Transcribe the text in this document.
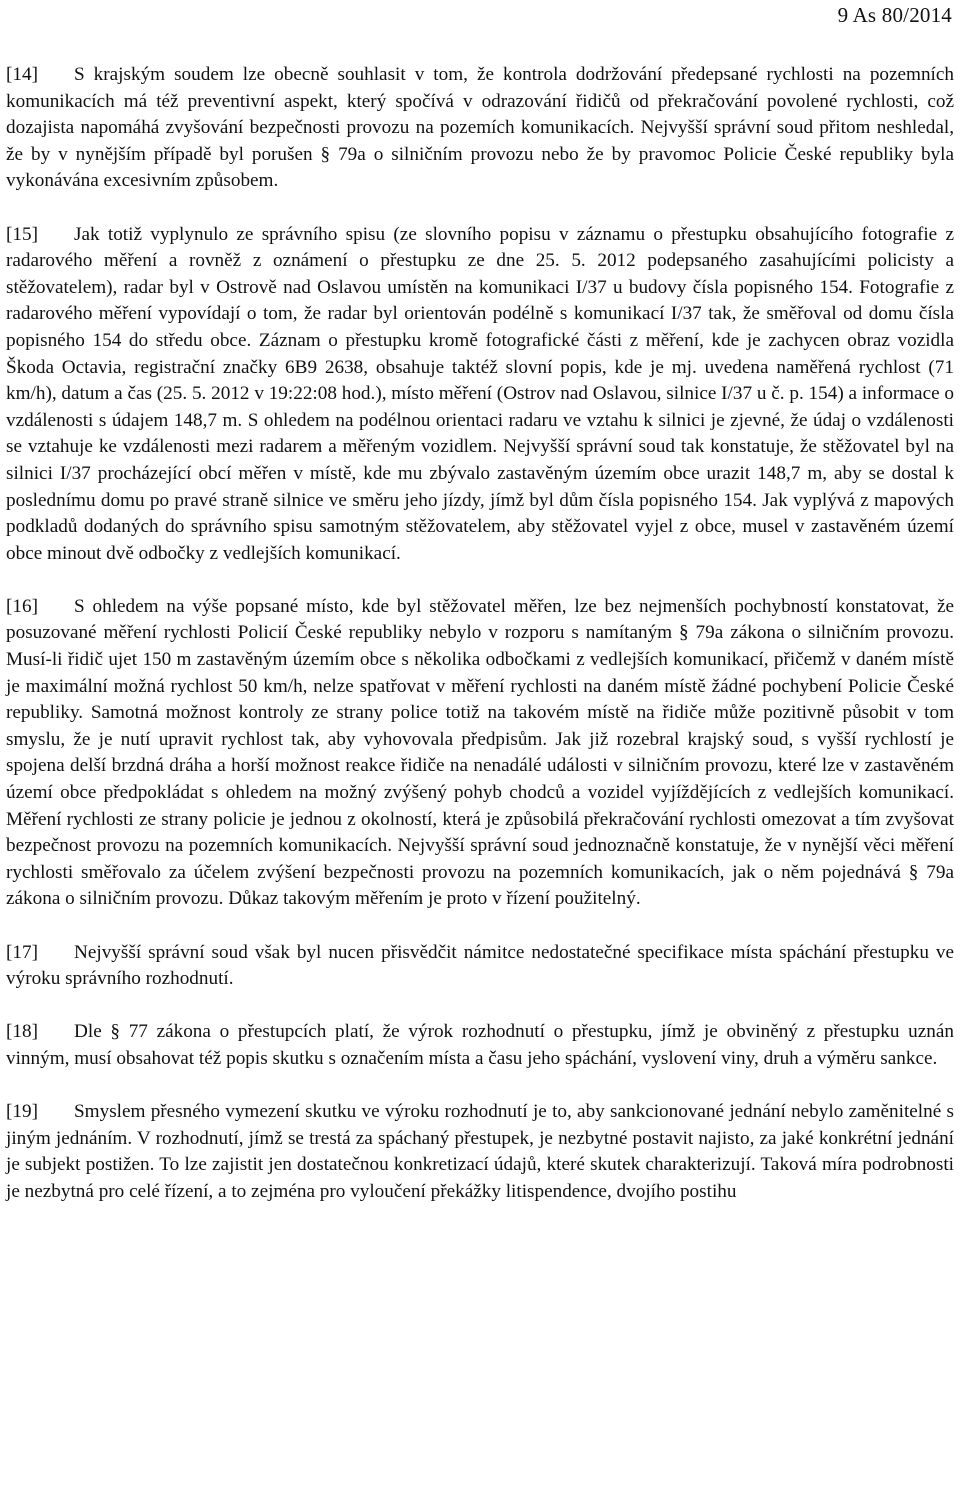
9 As 80/2014

[14] S krajským soudem lze obecně souhlasit v tom, že kontrola dodržování předepsané rychlosti na pozemních komunikacích má též preventivní aspekt, který spočívá v odrazování řidičů od překračování povolené rychlosti, což dozajista napomáhá zvyšování bezpečnosti provozu na pozemích komunikacích. Nejvyšší správní soud přitom neshledal, že by v nynějším případě byl porušen § 79a o silničním provozu nebo že by pravomoc Policie České republiky byla vykonávána excesivním způsobem.

[15] Jak totiž vyplynulo ze správního spisu (ze slovního popisu v záznamu o přestupku obsahujícího fotografie z radarového měření a rovněž z oznámení o přestupku ze dne 25. 5. 2012 podepsaného zasahujícími policisty a stěžovatelem), radar byl v Ostrově nad Oslavou umístěn na komunikaci I/37 u budovy čísla popisného 154. Fotografie z radarového měření vypovídají o tom, že radar byl orientován podélně s komunikací I/37 tak, že směřoval od domu čísla popisného 154 do středu obce. Záznam o přestupku kromě fotografické části z měření, kde je zachycen obraz vozidla Škoda Octavia, registrační značky 6B9 2638, obsahuje taktéž slovní popis, kde je mj. uvedena naměřená rychlost (71 km/h), datum a čas (25. 5. 2012 v 19:22:08 hod.), místo měření (Ostrov nad Oslavou, silnice I/37 u č. p. 154) a informace o vzdálenosti s údajem 148,7 m. S ohledem na podélnou orientaci radaru ve vztahu k silnici je zjevné, že údaj o vzdálenosti se vztahuje ke vzdálenosti mezi radarem a měřeným vozidlem. Nejvyšší správní soud tak konstatuje, že stěžovatel byl na silnici I/37 procházející obcí měřen v místě, kde mu zbývalo zastavěným územím obce urazit 148,7 m, aby se dostal k poslednímu domu po pravé straně silnice ve směru jeho jízdy, jímž byl dům čísla popisného 154. Jak vyplývá z mapových podkladů dodaných do správního spisu samotným stěžovatelem, aby stěžovatel vyjel z obce, musel v zastavěném území obce minout dvě odbočky z vedlejších komunikací.

[16] S ohledem na výše popsané místo, kde byl stěžovatel měřen, lze bez nejmenších pochybností konstatovat, že posuzované měření rychlosti Policií České republiky nebylo v rozporu s namítaným § 79a zákona o silničním provozu. Musí-li řidič ujet 150 m zastavěným územím obce s několika odbočkami z vedlejších komunikací, přičemž v daném místě je maximální možná rychlost 50 km/h, nelze spatřovat v měření rychlosti na daném místě žádné pochybení Policie České republiky. Samotná možnost kontroly ze strany police totiž na takovém místě na řidiče může pozitivně působit v tom smyslu, že je nutí upravit rychlost tak, aby vyhovovala předpisům. Jak již rozebral krajský soud, s vyšší rychlostí je spojena delší brzdná dráha a horší možnost reakce řidiče na nenadálé události v silničním provozu, které lze v zastavěném území obce předpokládat s ohledem na možný zvýšený pohyb chodců a vozidel vyjíždějících z vedlejších komunikací. Měření rychlosti ze strany policie je jednou z okolností, která je způsobilá překračování rychlosti omezovat a tím zvyšovat bezpečnost provozu na pozemních komunikacích. Nejvyšší správní soud jednoznačně konstatuje, že v nynější věci měření rychlosti směřovalo za účelem zvýšení bezpečnosti provozu na pozemních komunikacích, jak o něm pojednává § 79a zákona o silničním provozu. Důkaz takovým měřením je proto v řízení použitelný.

[17] Nejvyšší správní soud však byl nucen přisvědčit námitce nedostatečné specifikace místa spáchání přestupku ve výroku správního rozhodnutí.

[18] Dle § 77 zákona o přestupcích platí, že výrok rozhodnutí o přestupku, jímž je obviněný z přestupku uznán vinným, musí obsahovat též popis skutku s označením místa a času jeho spáchání, vyslovení viny, druh a výměru sankce.

[19] Smyslem přesného vymezení skutku ve výroku rozhodnutí je to, aby sankcionované jednání nebylo zaměnitelné s jiným jednáním. V rozhodnutí, jímž se trestá za spáchaný přestupek, je nezbytné postavit najisto, za jaké konkrétní jednání je subjekt postižen. To lze zajistit jen dostatečnou konkretizací údajů, které skutek charakterizují. Taková míra podrobnosti je nezbytná pro celé řízení, a to zejména pro vyloučení překážky litispendence, dvojího postihu
